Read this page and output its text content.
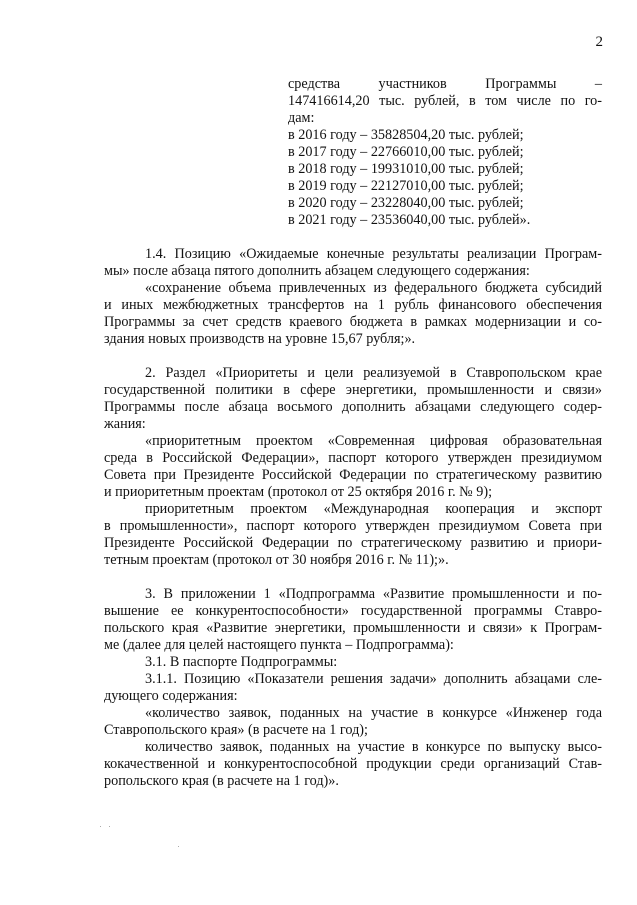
2
средства участников Программы –
147416614,20 тыс. рублей, в том числе по го-
дам:
в 2016 году – 35828504,20 тыс. рублей;
в 2017 году – 22766010,00 тыс. рублей;
в 2018 году – 19931010,00 тыс. рублей;
в 2019 году – 22127010,00 тыс. рублей;
в 2020 году – 23228040,00 тыс. рублей;
в 2021 году – 23536040,00 тыс. рублей».
1.4. Позицию «Ожидаемые конечные результаты реализации Програм-
мы» после абзаца пятого дополнить абзацем следующего содержания:
«сохранение объема привлеченных из федерального бюджета субсидий
и иных межбюджетных трансфертов на 1 рубль финансового обеспечения
Программы за счет средств краевого бюджета в рамках модернизации и со-
здания новых производств на уровне 15,67 рубля;».
2. Раздел «Приоритеты и цели реализуемой в Ставропольском крае
государственной политики в сфере энергетики, промышленности и связи»
Программы после абзаца восьмого дополнить абзацами следующего содер-
жания:
«приоритетным проектом «Современная цифровая образовательная
среда в Российской Федерации», паспорт которого утвержден президиумом
Совета при Президенте Российской Федерации по стратегическому развитию
и приоритетным проектам (протокол от 25 октября 2016 г. № 9);
приоритетным проектом «Международная кооперация и экспорт
в промышленности», паспорт которого утвержден президиумом Совета при
Президенте Российской Федерации по стратегическому развитию и приори-
тетным проектам (протокол от 30 ноября 2016 г. № 11);».
3. В приложении 1 «Подпрограмма «Развитие промышленности и по-
вышение ее конкурентоспособности» государственной программы Ставро-
польского края «Развитие энергетики, промышленности и связи» к Програм-
ме (далее для целей настоящего пункта – Подпрограмма):
3.1. В паспорте Подпрограммы:
3.1.1. Позицию «Показатели решения задачи» дополнить абзацами сле-
дующего содержания:
«количество заявок, поданных на участие в конкурсе «Инженер года
Ставропольского края» (в расчете на 1 год);
количество заявок, поданных на участие в конкурсе по выпуску высо-
кокачественной и конкурентоспособной продукции среди организаций Став-
ропольского края (в расчете на 1 год)».
